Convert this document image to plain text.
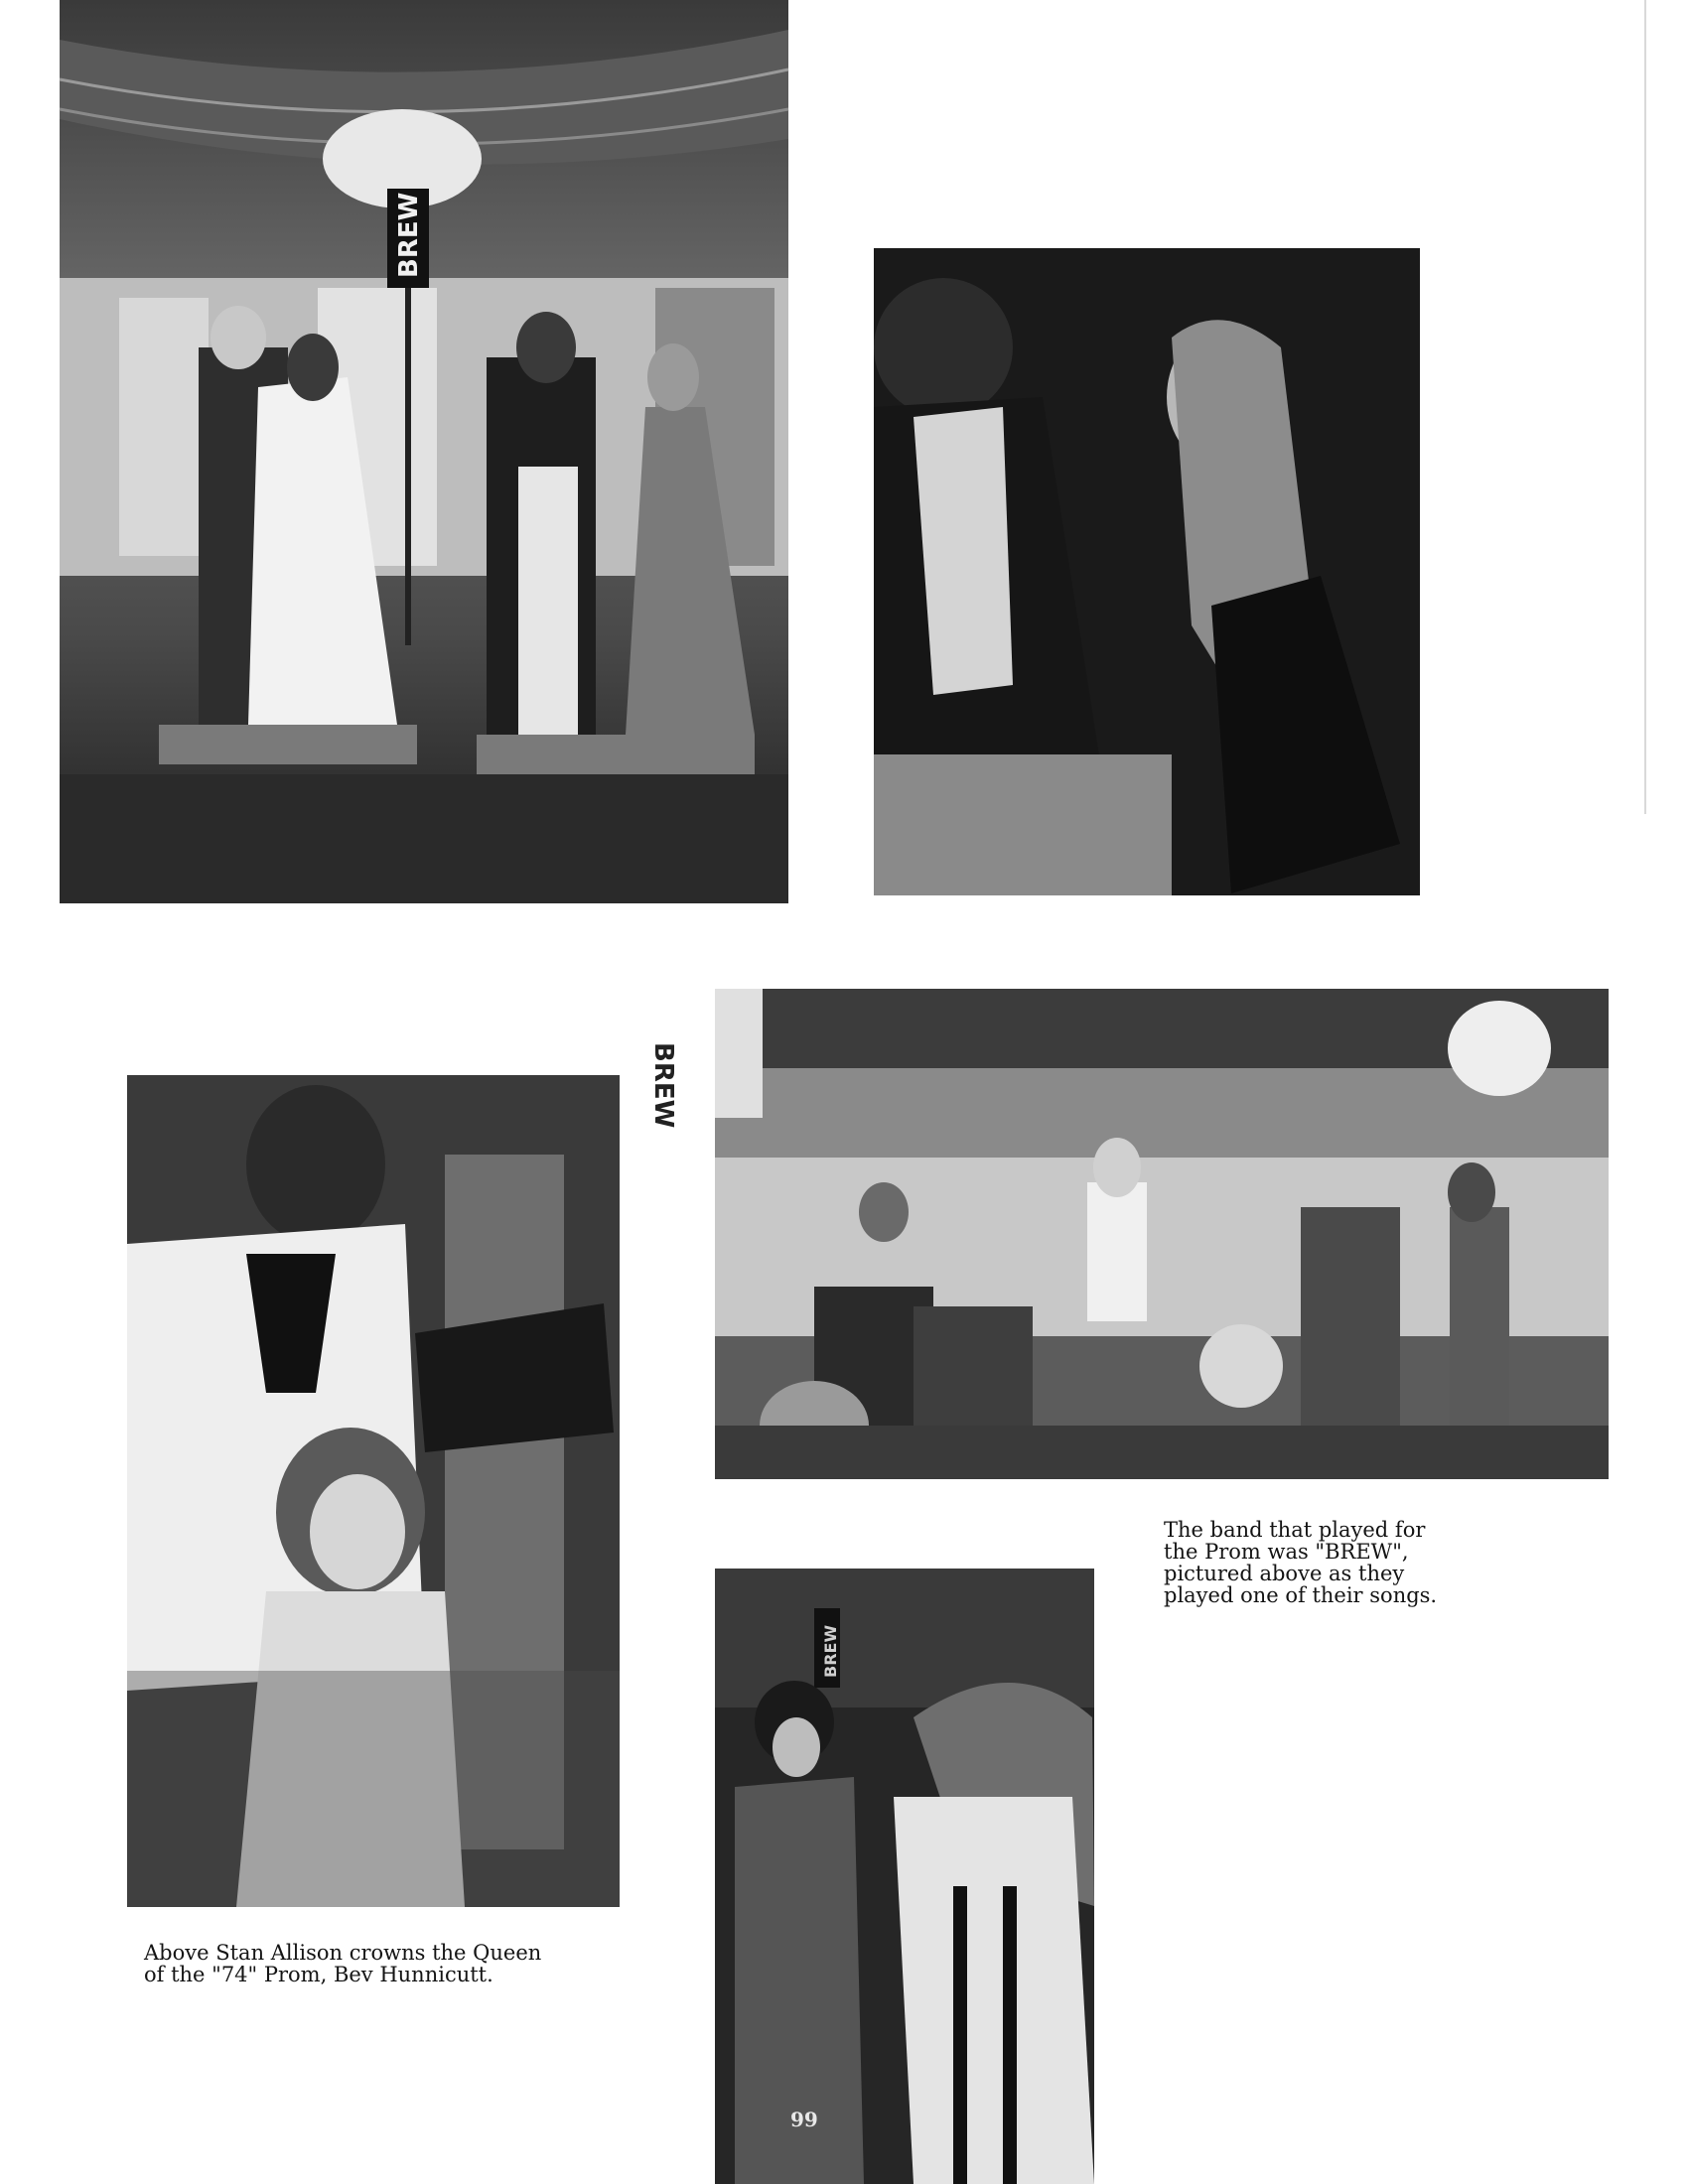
BREW
BREW
BREW
99

The band that played for
the Prom was "BREW",
pictured above as they
played one of their songs.

Above Stan Allison crowns the Queen
of the "74" Prom, Bev Hunnicutt.
